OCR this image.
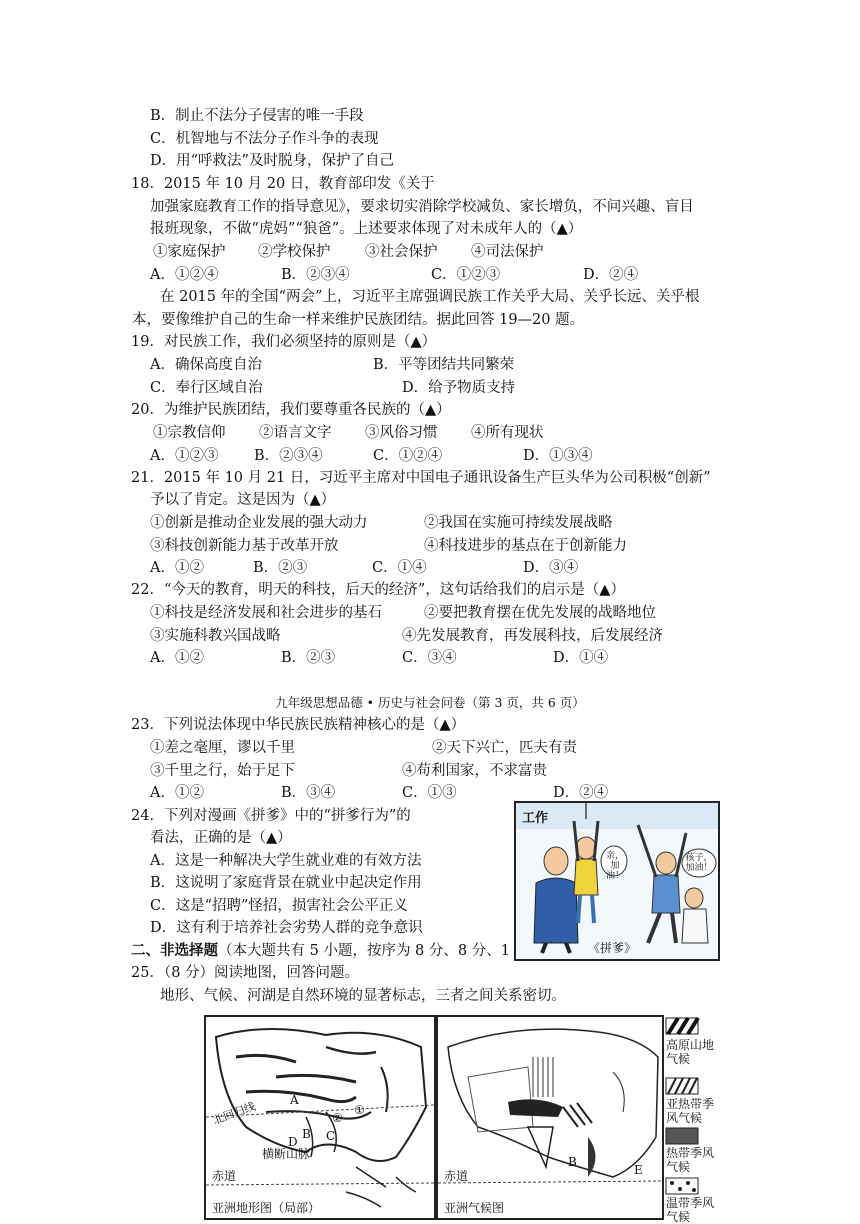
B．制止不法分子侵害的唯一手段
C．机智地与不法分子作斗争的表现
D．用“呼救法”及时脱身，保护了自己
18．2015 年 10 月 20 日，教育部印发《关于
加强家庭教育工作的指导意见》，要求切实消除学校减负、家长增负，不问兴趣、盲目
报班现象，不做“虎妈”“狼爸”。上述要求体现了对未成年人的（▲）
①家庭保护 ②学校保护 ③社会保护 ④司法保护
A．①②④	B．②③④	C．①②③	D．②④
在 2015 年的全国“两会”上，习近平主席强调民族工作关乎大局、关乎长远、关乎根
本，要像维护自己的生命一样来维护民族团结。据此回答 19—20 题。
19．对民族工作，我们必须坚持的原则是（▲）
A．确保高度自治	B．平等团结共同繁荣
C．奉行区域自治	D．给予物质支持
20．为维护民族团结，我们要尊重各民族的（▲）
①宗教信仰 ②语言文字 ③风俗习惯 ④所有现状
A．①②③ B．②③④	C．①②④	D．①③④
21．2015 年 10 月 21 日，习近平主席对中国电子通讯设备生产巨头华为公司积极“创新”
予以了肯定。这是因为（▲）
①创新是推动企业发展的强大动力	②我国在实施可持续发展战略
③科技创新能力基于改革开放	④科技进步的基点在于创新能力
A．①②	B．②③	C．①④	D．③④
22．“今天的教育，明天的科技，后天的经济”，这句话给我们的启示是（▲）
①科技是经济发展和社会进步的基石	②要把教育摆在优先发展的战略地位
③实施科教兴国战略	④先发展教育，再发展科技，后发展经济
A．①②	B．②③	C．③④	D．①④
九年级思想品德 • 历史与社会问卷（第 3 页，共 6 页）
23．下列说法体现中华民族民族精神核心的是（▲）
①差之毫厘，谬以千里	②天下兴亡，匹夫有责
③千里之行，始于足下	④苟利国家，不求富贵
A．①②	B．③④	C．①③	D．②④
24．下列对漫画《拼爹》中的“拼爹行为”的
看法，正确的是（▲）
A．这是一种解决大学生就业难的有效方法
B．这说明了家庭背景在就业中起决定作用
C．这是“招聘”怪招，损害社会公平正义
D．这有利于培养社会劣势人群的竞争意识
工作
亲，加油！
孩子，加油！
《拼爹》
二、非选择题（本大题共有 5 小题，按序为 8 分、8 分、1
25．（8 分）阅读地图，回答问题。
地形、气候、河湖是自然环境的显著标志，三者之间关系密切。
北回归线
赤道
横断山脉
A
B C
D
①
②
亚洲地形图（局部）
赤道
B
E
亚洲气候图
高原山地气候
亚热带季风气候
热带季风气候
温带季风气候
